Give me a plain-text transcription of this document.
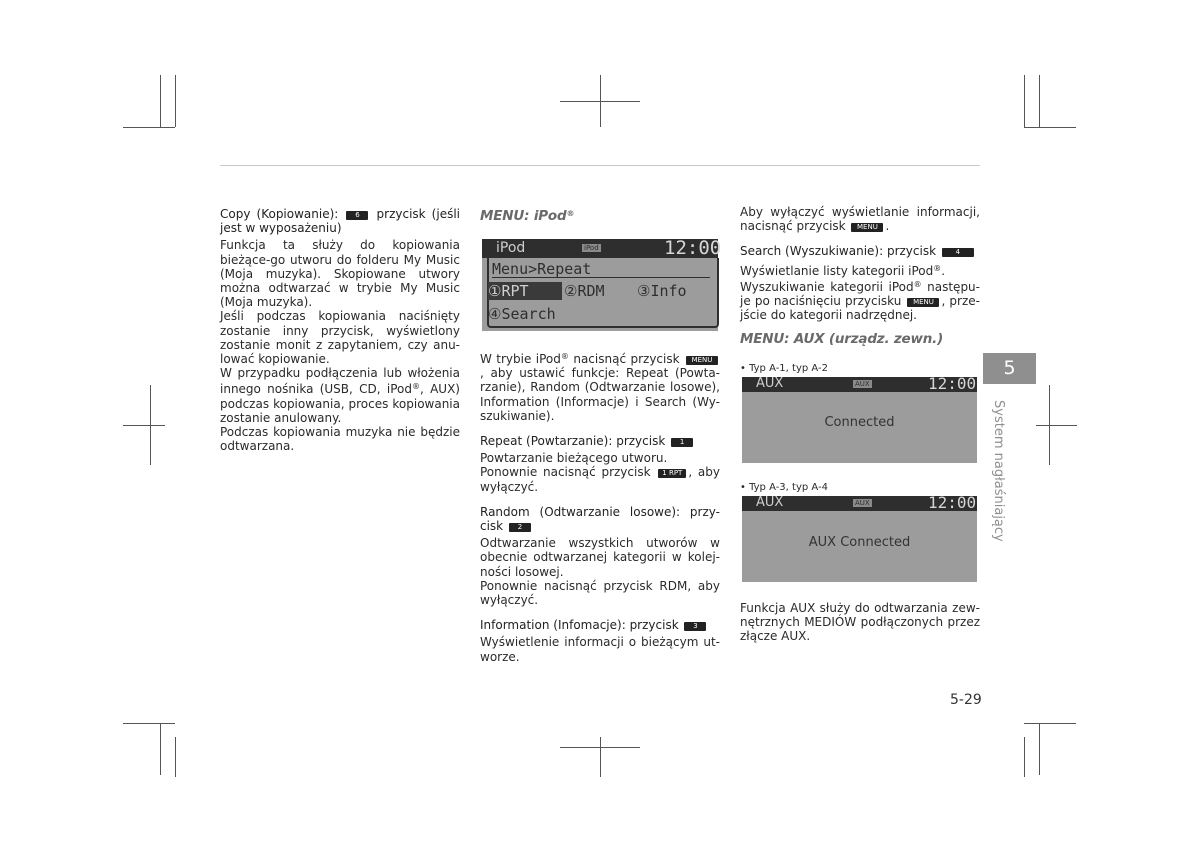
Copy (Kopiowanie): 6 przycisk (jeśli jest w wyposażeniu)

Funkcja ta służy do kopiowania bieżące-go utworu do folderu My Music (Moja muzyka). Skopiowane utwory można odtwarzać w trybie My Music (Moja muzyka).

Jeśli podczas kopiowania naciśnięty zostanie inny przycisk, wyświetlony zostanie monit z zapytaniem, czy anu-lować kopiowanie.

W przypadku podłączenia lub włożenia innego nośnika (USB, CD, iPod®, AUX) podczas kopiowania, proces kopiowania zostanie anulowany.

Podczas kopiowania muzyka nie będzie odtwarzana.

MENU: iPod®

iPod	iPod	12:00
Menu>Repeat
①RPT	②RDM ③Info
④Search

W trybie iPod® nacisnąć przycisk MENU, aby ustawić funkcje: Repeat (Powta-rzanie), Random (Odtwarzanie losowe), Information (Informacje) i Search (Wy-szukiwanie).

Repeat (Powtarzanie): przycisk 1

Powtarzanie bieżącego utworu.

Ponownie nacisnąć przycisk 1 RPT , aby wyłączyć.

Random (Odtwarzanie losowe): przy-cisk 2

Odtwarzanie wszystkich utworów w obecnie odtwarzanej kategorii w kolej-ności losowej.

Ponownie nacisnąć przycisk RDM, aby wyłączyć.

Information (Infomacje): przycisk 3

Wyświetlenie informacji o bieżącym ut-worze.

Aby wyłączyć wyświetlanie informacji, nacisnąć przycisk MENU .

Search (Wyszukiwanie): przycisk	4

Wyświetlanie listy kategorii iPod®.

Wyszukiwanie kategorii iPod® następu-je po naciśnięciu przycisku MENU , prze-jście do kategorii nadrzędnej.

MENU: AUX (urządz. zewn.)

• Typ A-1, typ A-2
AUX	AUX	12:00
Connected
• Typ A-3, typ A-4
AUX	AUX	12:00
AUX Connected

Funkcja AUX służy do odtwarzania zew-nętrznych MEDIÓW podłączonych przez złącze AUX.

5
System nagłaśniający
5-29
